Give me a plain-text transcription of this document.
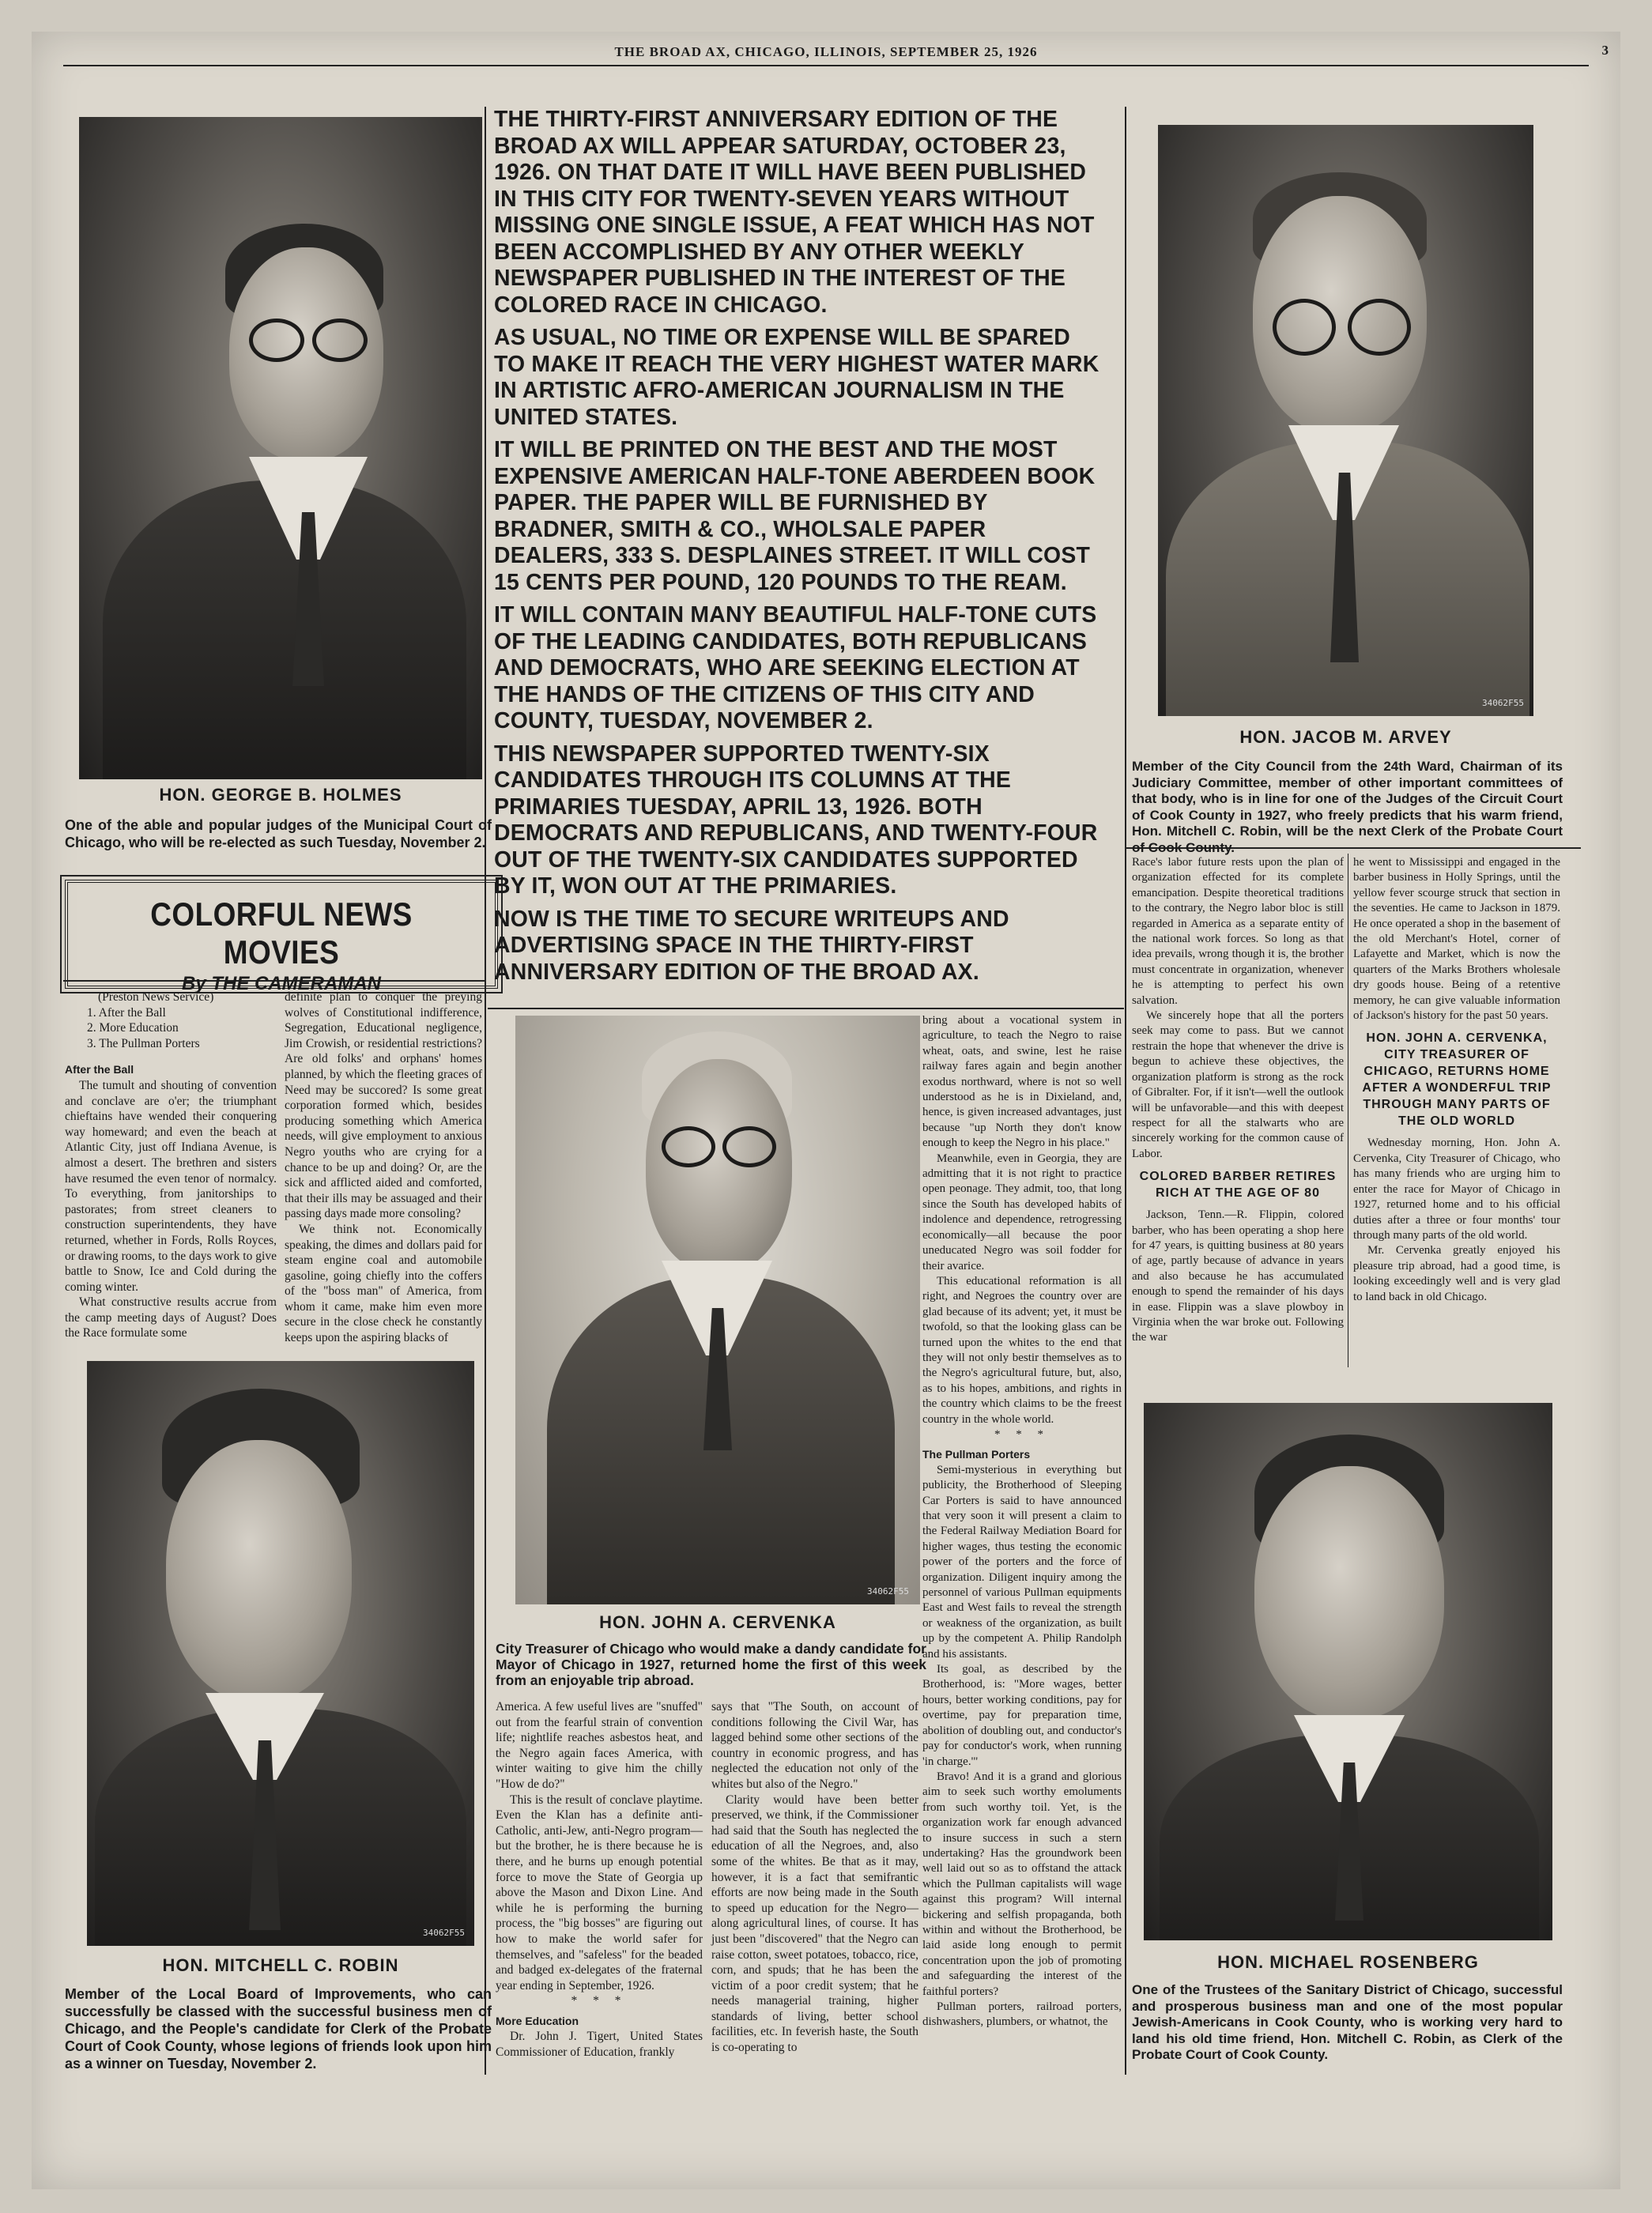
THE BROAD AX, CHICAGO, ILLINOIS, SEPTEMBER 25, 1926	3
HON. GEORGE B. HOLMES
One of the able and popular judges of the Municipal Court of Chicago, who will be re-elected as such Tuesday, November 2.
COLORFUL NEWS MOVIES
By THE CAMERAMAN

(Preston News Service)

1. After the Ball

2. More Education

3. The Pullman Porters

After the Ball

The tumult and shouting of convention and conclave are o'er; the triumphant chieftains have wended their conquering way homeward; and even the beach at Atlantic City, just off Indiana Avenue, is almost a desert. The brethren and sisters have resumed the even tenor of normalcy. To everything, from janitorships to pastorates; from street cleaners to construction superintendents, they have returned, whether in Fords, Rolls Royces, or drawing rooms, to the days work to give battle to Snow, Ice and Cold during the coming winter.

What constructive results accrue from the camp meeting days of August? Does the Race formulate some

definite plan to conquer the preying wolves of Constitutional indifference, Segregation, Educational negligence, Jim Crowish, or residential restrictions? Are old folks' and orphans' homes planned, by which the fleeting graces of Need may be succored? Is some great corporation formed which, besides producing something which America needs, will give employment to anxious Negro youths who are crying for a chance to be up and doing? Or, are the sick and afflicted aided and comforted, that their ills may be assuaged and their passing days made more consoling?

We think not. Economically speaking, the dimes and dollars paid for steam engine coal and automobile gasoline, going chiefly into the coffers of the "boss man" of America, from whom it came, make him even more secure in the close check he constantly keeps upon the aspiring blacks of

34062F55
HON. MITCHELL C. ROBIN
Member of the Local Board of Improvements, who can successfully be classed with the successful business men of Chicago, and the People's candidate for Clerk of the Probate Court of Cook County, whose legions of friends look upon him as a winner on Tuesday, November 2.

THE THIRTY-FIRST ANNIVERSARY EDITION OF THE BROAD AX WILL APPEAR SATURDAY, OCTOBER 23, 1926. ON THAT DATE IT WILL HAVE BEEN PUBLISHED IN THIS CITY FOR TWENTY-SEVEN YEARS WITHOUT MISSING ONE SINGLE ISSUE, A FEAT WHICH HAS NOT BEEN ACCOMPLISHED BY ANY OTHER WEEKLY NEWSPAPER PUBLISHED IN THE INTEREST OF THE COLORED RACE IN CHICAGO.

AS USUAL, NO TIME OR EXPENSE WILL BE SPARED TO MAKE IT REACH THE VERY HIGHEST WATER MARK IN ARTISTIC AFRO-AMERICAN JOURNALISM IN THE UNITED STATES.

IT WILL BE PRINTED ON THE BEST AND THE MOST EXPENSIVE AMERICAN HALF-TONE ABERDEEN BOOK PAPER. THE PAPER WILL BE FURNISHED BY BRADNER, SMITH & CO., WHOLSALE PAPER DEALERS, 333 S. DESPLAINES STREET. IT WILL COST 15 CENTS PER POUND, 120 POUNDS TO THE REAM.

IT WILL CONTAIN MANY BEAUTIFUL HALF-TONE CUTS OF THE LEADING CANDIDATES, BOTH REPUBLICANS AND DEMOCRATS, WHO ARE SEEKING ELECTION AT THE HANDS OF THE CITIZENS OF THIS CITY AND COUNTY, TUESDAY, NOVEMBER 2.

THIS NEWSPAPER SUPPORTED TWENTY-SIX CANDIDATES THROUGH ITS COLUMNS AT THE PRIMARIES TUESDAY, APRIL 13, 1926. BOTH DEMOCRATS AND REPUBLICANS, AND TWENTY-FOUR OUT OF THE TWENTY-SIX CANDIDATES SUPPORTED BY IT, WON OUT AT THE PRIMARIES.

NOW IS THE TIME TO SECURE WRITEUPS AND ADVERTISING SPACE IN THE THIRTY-FIRST ANNIVERSARY EDITION OF THE BROAD AX.

34062F55
HON. JOHN A. CERVENKA
City Treasurer of Chicago who would make a dandy candidate for Mayor of Chicago in 1927, returned home the first of this week from an enjoyable trip abroad.

America. A few useful lives are "snuffed" out from the fearful strain of convention life; nightlife reaches asbestos heat, and the Negro again faces America, with winter waiting to give him the chilly "How de do?"

This is the result of conclave playtime. Even the Klan has a definite anti-Catholic, anti-Jew, anti-Negro program—but the brother, he is there because he is there, and he burns up enough potential force to move the State of Georgia up above the Mason and Dixon Line. And while he is performing the burning process, the "big bosses" are figuring out how to make the world safer for themselves, and "safeless" for the beaded and badged ex-delegates of the fraternal year ending in September, 1926.

* * *

More Education

Dr. John J. Tigert, United States Commissioner of Education, frankly

says that "The South, on account of conditions following the Civil War, has lagged behind some other sections of the country in economic progress, and has neglected the education not only of the whites but also of the Negro."

Clarity would have been better preserved, we think, if the Commissioner had said that the South has neglected the education of all the Negroes, and, also some of the whites. Be that as it may, however, it is a fact that semifrantic efforts are now being made in the South to speed up education for the Negro—along agricultural lines, of course. It has just been "discovered" that the Negro can raise cotton, sweet potatoes, tobacco, rice, corn, and spuds; that he has been the victim of a poor credit system; that he needs managerial training, higher standards of living, better school facilities, etc. In feverish haste, the South is co-operating to

bring about a vocational system in agriculture, to teach the Negro to raise wheat, oats, and swine, lest he raise railway fares again and begin another exodus northward, where is not so well understood as he is in Dixieland, and, hence, is given increased advantages, just because "up North they don't know enough to keep the Negro in his place."

Meanwhile, even in Georgia, they are admitting that it is not right to practice open peonage. They admit, too, that long since the South has developed habits of indolence and dependence, retrogressing economically—all because the poor uneducated Negro was soil fodder for their avarice.

This educational reformation is all right, and Negroes the country over are glad because of its advent; yet, it must be twofold, so that the looking glass can be turned upon the whites to the end that they will not only bestir themselves as to the Negro's agricultural future, but, also, as to his hopes, ambitions, and rights in the country which claims to be the freest country in the whole world.

* * *

The Pullman Porters

Semi-mysterious in everything but publicity, the Brotherhood of Sleeping Car Porters is said to have announced that very soon it will present a claim to the Federal Railway Mediation Board for higher wages, thus testing the economic power of the porters and the force of organization. Diligent inquiry among the personnel of various Pullman equipments East and West fails to reveal the strength or weakness of the organization, as built up by the competent A. Philip Randolph and his assistants.

Its goal, as described by the Brotherhood, is: "More wages, better hours, better working conditions, pay for overtime, pay for preparation time, abolition of doubling out, and conductor's pay for conductor's work, when running 'in charge.'"

Bravo! And it is a grand and glorious aim to seek such worthy emoluments from such worthy toil. Yet, is the organization work far enough advanced to insure success in such a stern undertaking? Has the groundwork been well laid out so as to offstand the attack which the Pullman capitalists will wage against this program? Will internal bickering and selfish propaganda, both within and without the Brotherhood, be laid aside long enough to permit concentration upon the job of promoting and safeguarding the interest of the faithful porters?

Pullman porters, railroad porters, dishwashers, plumbers, or whatnot, the

34062F55
HON. JACOB M. ARVEY
Member of the City Council from the 24th Ward, Chairman of its Judiciary Committee, member of other important committees of that body, who is in line for one of the Judges of the Circuit Court of Cook County in 1927, who freely predicts that his warm friend, Hon. Mitchell C. Robin, will be the next Clerk of the Probate Court of Cook County.

Race's labor future rests upon the plan of organization effected for its complete emancipation. Despite theoretical traditions to the contrary, the Negro labor bloc is still regarded in America as a separate entity of the national work forces. So long as that idea prevails, wrong though it is, the brother must concentrate in organization, whenever he is attempting to perfect his own salvation.

We sincerely hope that all the porters seek may come to pass. But we cannot restrain the hope that whenever the drive is begun to achieve these objectives, the organization platform is strong as the rock of Gibralter. For, if it isn't—well the outlook will be unfavorable—and this with deepest respect for all the stalwarts who are sincerely working for the common cause of Labor.

COLORED BARBER RETIRES RICH AT THE AGE OF 80

Jackson, Tenn.—R. Flippin, colored barber, who has been operating a shop here for 47 years, is quitting business at 80 years of age, partly because of advance in years and also because he has accumulated enough to spend the remainder of his days in ease. Flippin was a slave plowboy in Virginia when the war broke out. Following the war

he went to Mississippi and engaged in the barber business in Holly Springs, until the yellow fever scourge struck that section in the seventies. He came to Jackson in 1879. He once operated a shop in the basement of the old Merchant's Hotel, corner of Lafayette and Market, which is now the quarters of the Marks Brothers wholesale dry goods house. Being of a retentive memory, he can give valuable information of Jackson's history for the past 50 years.

HON. JOHN A. CERVENKA, CITY TREASURER OF CHICAGO, RETURNS HOME AFTER A WONDERFUL TRIP THROUGH MANY PARTS OF THE OLD WORLD

Wednesday morning, Hon. John A. Cervenka, City Treasurer of Chicago, who has many friends who are urging him to enter the race for Mayor of Chicago in 1927, returned home and to his official duties after a three or four months' tour through many parts of the old world.

Mr. Cervenka greatly enjoyed his pleasure trip abroad, had a good time, is looking exceedingly well and is very glad to land back in old Chicago.

HON. MICHAEL ROSENBERG
One of the Trustees of the Sanitary District of Chicago, successful and prosperous business man and one of the most popular Jewish-Americans in Cook County, who is working very hard to land his old time friend, Hon. Mitchell C. Robin, as Clerk of the Probate Court of Cook County.
